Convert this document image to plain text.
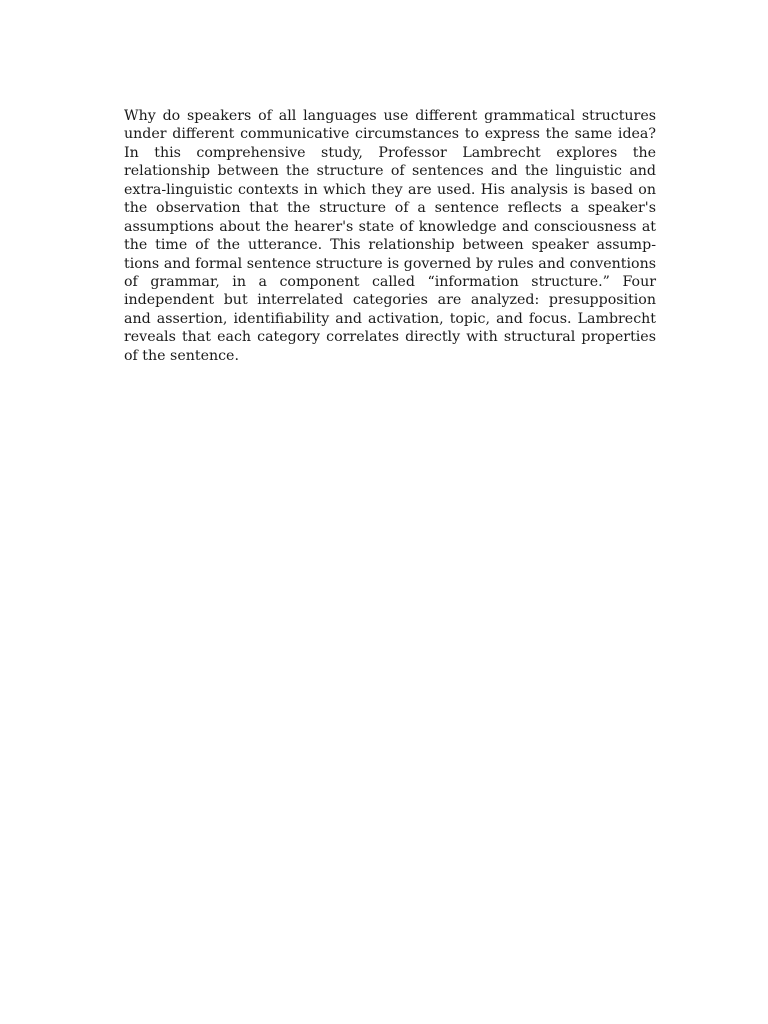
Why do speakers of all languages use different grammatical structures
under different communicative circumstances to express the same idea?
In this comprehensive study, Professor Lambrecht explores the
relationship between the structure of sentences and the linguistic and
extra-linguistic contexts in which they are used. His analysis is based on
the observation that the structure of a sentence reflects a speaker's
assumptions about the hearer's state of knowledge and consciousness at
the time of the utterance. This relationship between speaker assump-
tions and formal sentence structure is governed by rules and conventions
of grammar, in a component called “information structure.” Four
independent but interrelated categories are analyzed: presupposition
and assertion, identifiability and activation, topic, and focus. Lambrecht
reveals that each category correlates directly with structural properties
of the sentence.
